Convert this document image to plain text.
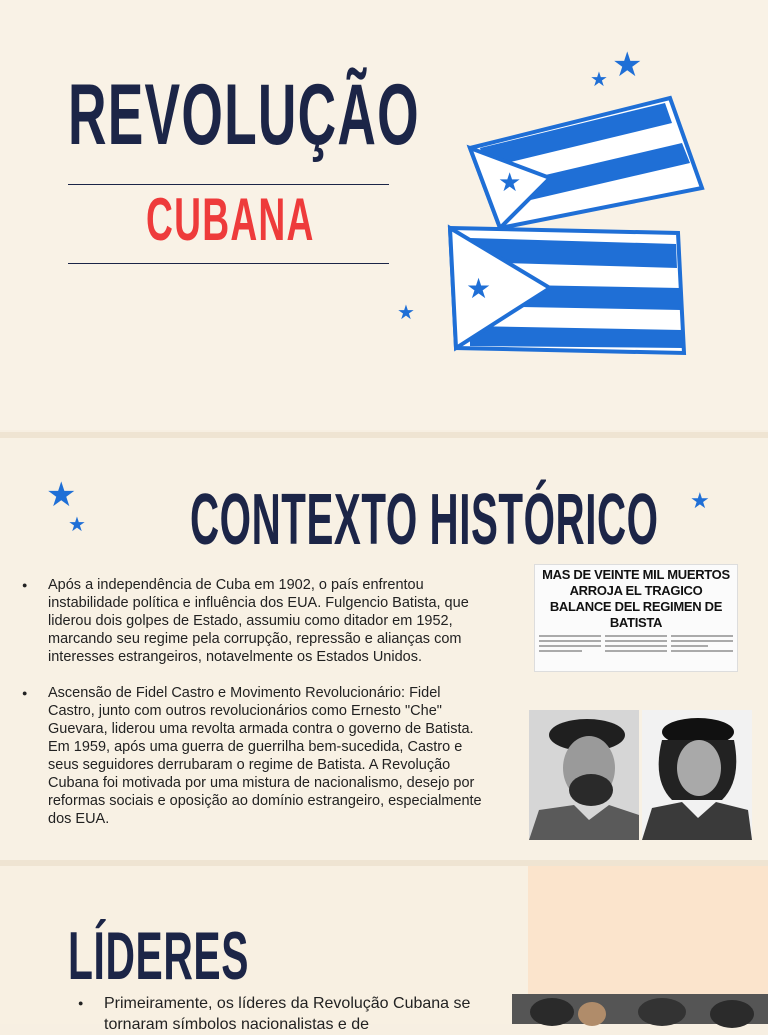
REVOLUÇÃO
CUBANA
★
★
★
★
★
★
★
★
CONTEXTO HISTÓRICO
● Após a independência de Cuba em 1902, o país enfrentou instabilidade política e influência dos EUA. Fulgencio Batista, que liderou dois golpes de Estado, assumiu como ditador em 1952, marcando seu regime pela corrupção, repressão e alianças com interesses estrangeiros, notavelmente os Estados Unidos.
● Ascensão de Fidel Castro e Movimento Revolucionário: Fidel Castro, junto com outros revolucionários como Ernesto "Che" Guevara, liderou uma revolta armada contra o governo de Batista. Em 1959, após uma guerra de guerrilha bem-sucedida, Castro e seus seguidores derrubaram o regime de Batista. A Revolução Cubana foi motivada por uma mistura de nacionalismo, desejo por reformas sociais e oposição ao domínio estrangeiro, especialmente dos EUA.
MAS DE VEINTE MIL MUERTOS ARROJA EL TRAGICO BALANCE DEL REGIMEN DE BATISTA
LÍDERES
● Primeiramente, os líderes da Revolução Cubana se tornaram símbolos nacionalistas e de
